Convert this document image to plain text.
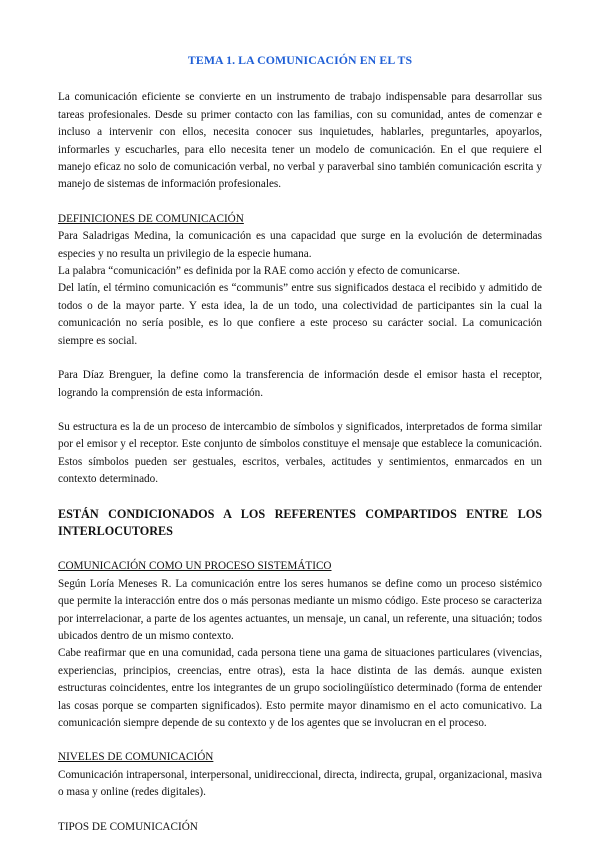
TEMA 1. LA COMUNICACIÓN EN EL TS

La comunicación eficiente se convierte en un instrumento de trabajo indispensable para desarrollar sus tareas profesionales. Desde su primer contacto con las familias, con su comunidad, antes de comenzar e incluso a intervenir con ellos, necesita conocer sus inquietudes, hablarles, preguntarles, apoyarlos, informarles y escucharles, para ello necesita tener un modelo de comunicación. En el que requiere el manejo eficaz no solo de comunicación verbal, no verbal y paraverbal sino también comunicación escrita y manejo de sistemas de información profesionales.

DEFINICIONES DE COMUNICACIÓN

Para Saladrigas Medina, la comunicación es una capacidad que surge en la evolución de determinadas especies y no resulta un privilegio de la especie humana.

La palabra “comunicación” es definida por la RAE como acción y efecto de comunicarse.

Del latín, el término comunicación es “communis” entre sus significados destaca el recibido y admitido de todos o de la mayor parte. Y esta idea, la de un todo, una colectividad de participantes sin la cual la comunicación no sería posible, es lo que confiere a este proceso su carácter social. La comunicación siempre es social.

Para Díaz Brenguer, la define como la transferencia de información desde el emisor hasta el receptor, logrando la comprensión de esta información.

Su estructura es la de un proceso de intercambio de símbolos y significados, interpretados de forma similar por el emisor y el receptor. Este conjunto de símbolos constituye el mensaje que establece la comunicación. Estos símbolos pueden ser gestuales, escritos, verbales, actitudes y sentimientos, enmarcados en un contexto determinado.

ESTÁN CONDICIONADOS A LOS REFERENTES COMPARTIDOS ENTRE LOS INTERLOCUTORES

COMUNICACIÓN COMO UN PROCESO SISTEMÁTICO

Según Loría Meneses R. La comunicación entre los seres humanos se define como un proceso sistémico que permite la interacción entre dos o más personas mediante un mismo código. Este proceso se caracteriza por interrelacionar, a parte de los agentes actuantes, un mensaje, un canal, un referente, una situación; todos ubicados dentro de un mismo contexto.

Cabe reafirmar que en una comunidad, cada persona tiene una gama de situaciones particulares (vivencias, experiencias, principios, creencias, entre otras), esta la hace distinta de las demás. aunque existen estructuras coincidentes, entre los integrantes de un grupo sociolingüístico determinado (forma de entender las cosas porque se comparten significados). Esto permite mayor dinamismo en el acto comunicativo. La comunicación siempre depende de su contexto y de los agentes que se involucran en el proceso.

NIVELES DE COMUNICACIÓN

Comunicación intrapersonal, interpersonal, unidireccional, directa, indirecta, grupal, organizacional, masiva o masa y online (redes digitales).

TIPOS DE COMUNICACIÓN
